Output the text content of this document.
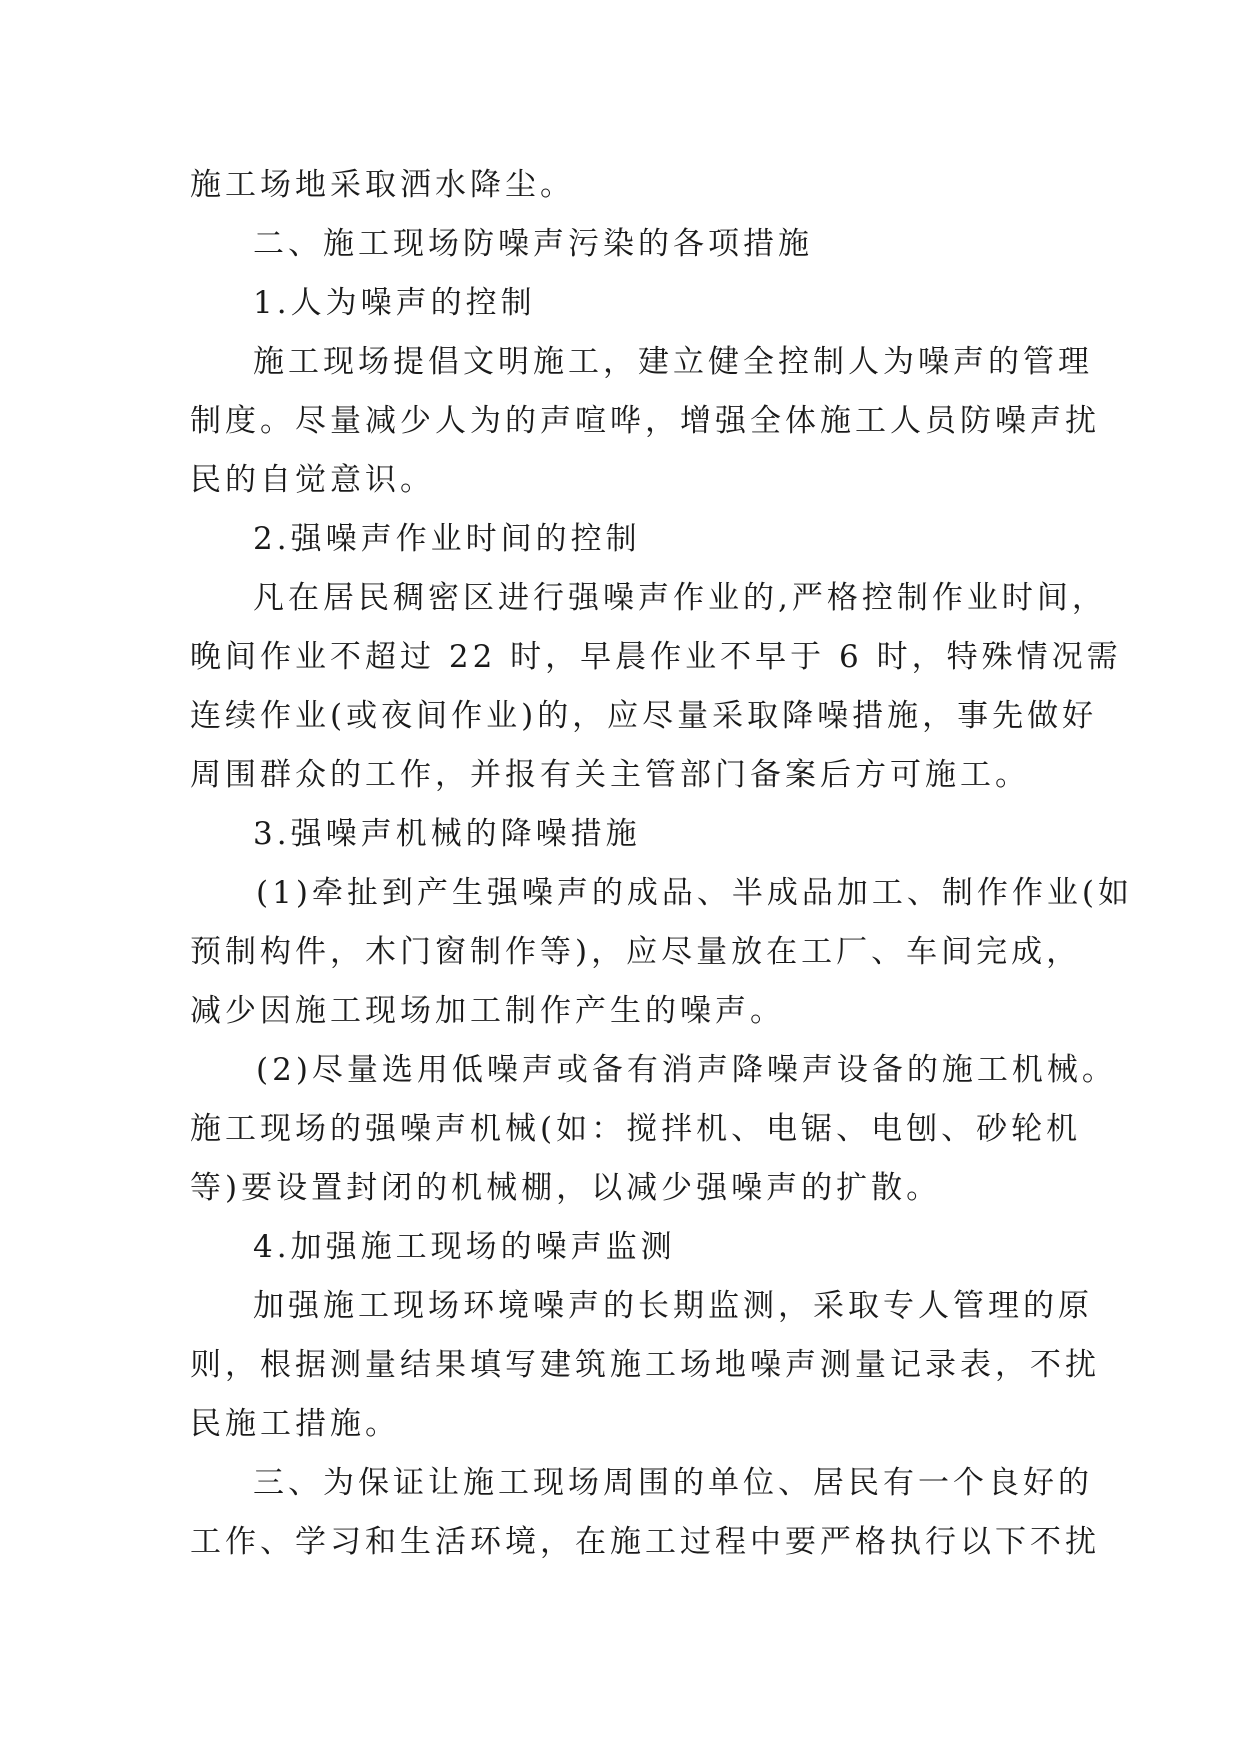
施工场地采取洒水降尘。

二、施工现场防噪声污染的各项措施

1.人为噪声的控制

施工现场提倡文明施工，建立健全控制人为噪声的管理

制度。尽量减少人为的声喧哗，增强全体施工人员防噪声扰

民的自觉意识。

2.强噪声作业时间的控制

凡在居民稠密区进行强噪声作业的,严格控制作业时间，

晚间作业不超过 22 时，早晨作业不早于 6 时，特殊情况需

连续作业(或夜间作业)的，应尽量采取降噪措施，事先做好

周围群众的工作，并报有关主管部门备案后方可施工。

3.强噪声机械的降噪措施

(1)牵扯到产生强噪声的成品、半成品加工、制作作业(如

预制构件，木门窗制作等)，应尽量放在工厂、车间完成，

减少因施工现场加工制作产生的噪声。

(2)尽量选用低噪声或备有消声降噪声设备的施工机械。

施工现场的强噪声机械(如：搅拌机、电锯、电刨、砂轮机

等)要设置封闭的机械棚，以减少强噪声的扩散。

4.加强施工现场的噪声监测

加强施工现场环境噪声的长期监测，采取专人管理的原

则，根据测量结果填写建筑施工场地噪声测量记录表，不扰

民施工措施。

三、为保证让施工现场周围的单位、居民有一个良好的

工作、学习和生活环境，在施工过程中要严格执行以下不扰
